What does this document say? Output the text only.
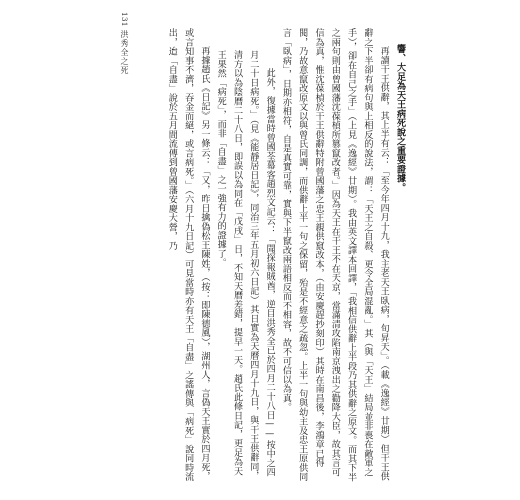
131
洪秀全之死	響、大足為天王病死說之重要證據。

再讀干王供辭，其上半有云：「至今年四月十九，我主老天王臥病，旬昇天」。（載《逸經》廿期）但干王供辭之下半卻有病句與上相反的說法，謂：「天王之自殺、更令全局混亂。」其（與「天王」結局並非喪在敵軍之手），卻在自己之手」（上見《逸經》廿期）。我由英文譯本回譯，「我相信供辭上半段乃其供辭之原文。而其下半之兩句則由曾國藩沈葆楨所篡竄改者。」因為天王在干王不在天京，當滿清攻陷南京洩出之勸降大臣，故其言可信為真，惟沈葆楨於干王供辭特附曾國藩之忠王親供竄改本，（由安慶趕抄刻印）其時在南昌後，李鴻章已得閱，乃故意竄改原文以與曾氏同調，而供辭上半一句之保留，殆是不經意之疏忽。上半一句與幼主及忠王原供同言「臥病」，日期亦相符，自是真實可靠，實與下半竄改兩語相反而不相容，故不可信以為真。

此外，復據當時曾國荃幕客趙烈文記云：「聞探報賊酋，逆目洪秀全已於四月二十八日——按中之四月二十日病死。」（見《能靜居日記》，同治三年五月初六日記）其日實為天曆四月十九日，與干王供辭同，清方以為陰曆二十八日，即誤以為同在「戊戌」日，不知天曆差錯，提早一天。趙氏此條日記，更足為天王果然「病死」，而非「自盡」之一強有力的證據了。

再據趙氏《日記》另一條云：「又，昨日擒偽松王陳姓，（按：即陳德風），湖州人，言偽天王實於四月死，或言知事不濟，吞金而絕，或言病死。」（六月十九日記）可見當時亦有天王「自盡」之謠傳與「病死」說同時流出，迨「自盡」說於五月間流傳到曾國藩安慶大營，乃
